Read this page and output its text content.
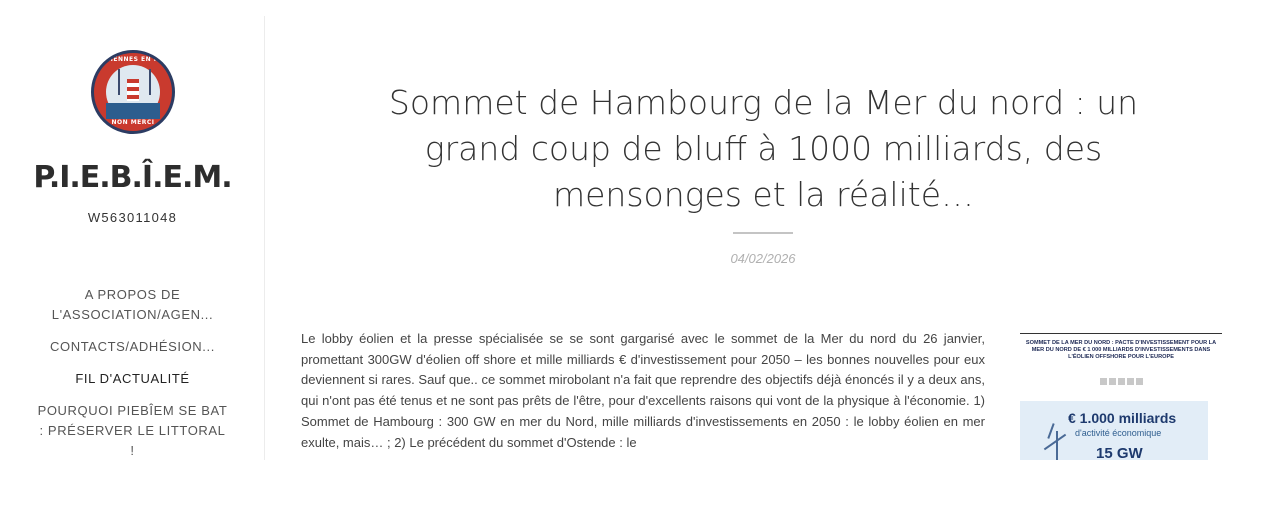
ÉOLIENNES EN MER
NON MERCI
P.I.E.B.Î.E.M.
W563011048
A PROPOS DE L'ASSOCIATION/AGEN...
CONTACTS/ADHÉSION...
FIL D'ACTUALITÉ
POURQUOI PIEBÎEM SE BAT : PRÉSERVER LE LITTORAL !
Sommet de Hambourg de la Mer du nord : un grand coup de bluff à 1000 milliards, des mensonges et la réalité…
04/02/2026

Le lobby éolien et la presse spécialisée se se sont gargarisé avec le sommet de la Mer du nord du 26 janvier, promettant 300GW d'éolien off shore et mille milliards € d'investissement pour 2050 – les bonnes nouvelles pour eux deviennent si rares. Sauf que.. ce sommet mirobolant n'a fait que reprendre des objectifs déjà énoncés il y a deux ans, qui n'ont pas été tenus et ne sont pas prêts de l'être, pour d'excellents raisons qui vont de la physique à l'économie. 1) Sommet de Hambourg : 300 GW en mer du Nord, mille milliards d'investissements en 2050 : le lobby éolien en mer exulte, mais… ; 2) Le précédent du sommet d'Ostende : le

SOMMET DE LA MER DU NORD : PACTE D'INVESTISSEMENT POUR LA MER DU NORD DE € 1 000 MILLIARDS D'INVESTISSEMENTS DANS L'ÉOLIEN OFFSHORE POUR L'EUROPE

€ 1.000 milliards
d'activité économique
15 GW
